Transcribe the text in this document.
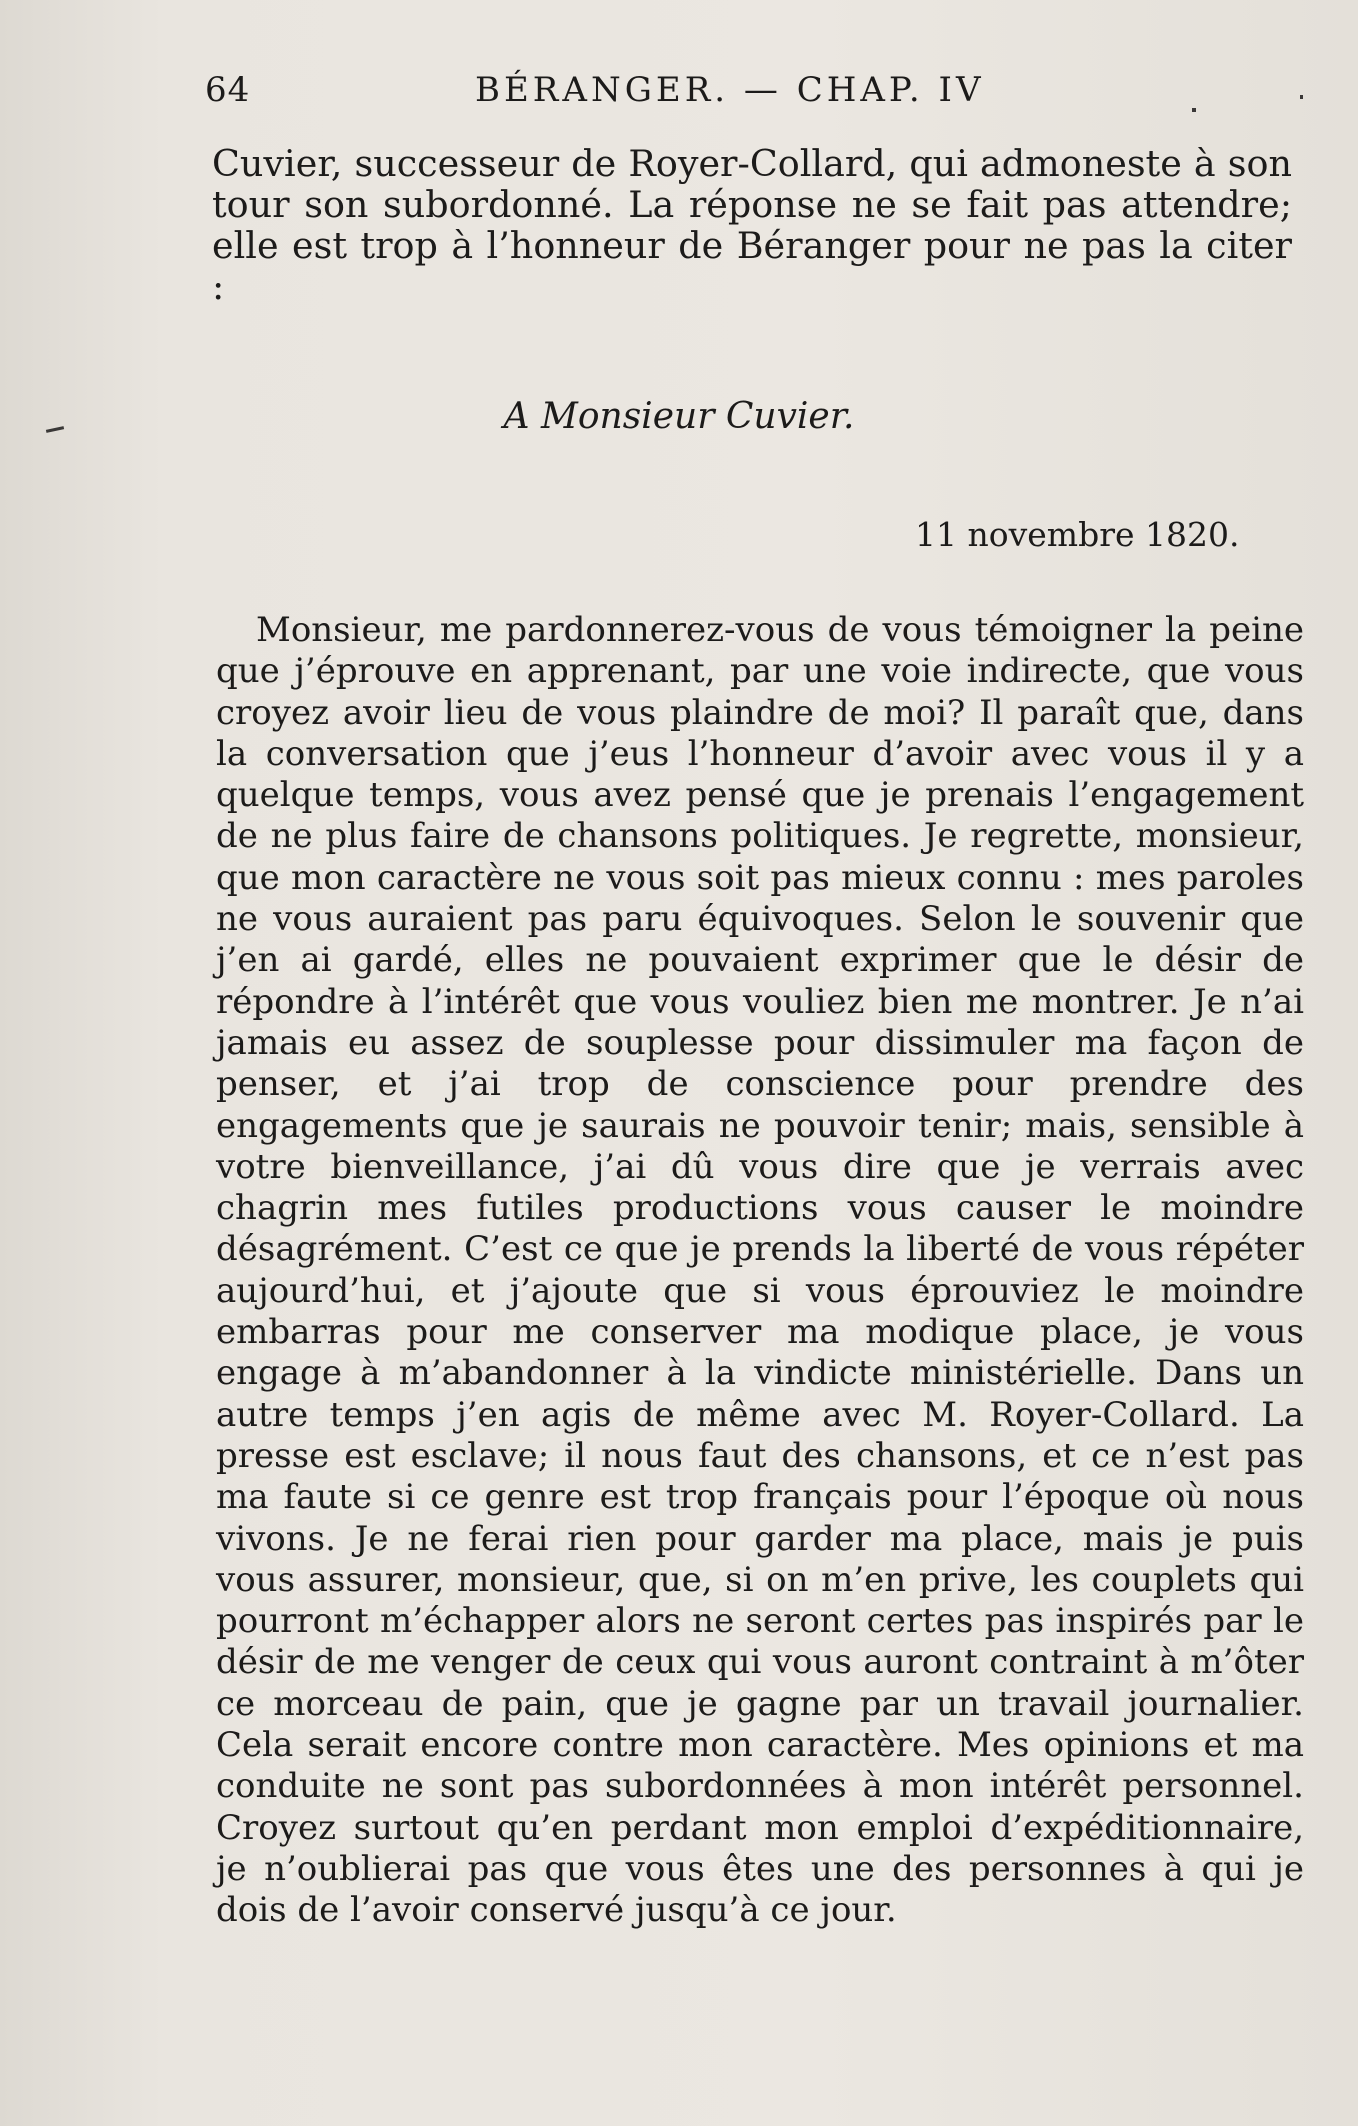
64	BÉRANGER. — CHAP. IV

Cuvier, successeur de Royer-Collard, qui admoneste à son tour son subordonné. La réponse ne se fait pas attendre; elle est trop à l’honneur de Béranger pour ne pas la citer :

A Monsieur Cuvier.

11 novembre 1820.

Monsieur, me pardonnerez-vous de vous témoigner la peine que j’éprouve en apprenant, par une voie indirecte, que vous croyez avoir lieu de vous plaindre de moi? Il paraît que, dans la conversation que j’eus l’honneur d’avoir avec vous il y a quelque temps, vous avez pensé que je prenais l’engagement de ne plus faire de chansons politiques. Je regrette, monsieur, que mon caractère ne vous soit pas mieux connu : mes paroles ne vous auraient pas paru équivoques. Selon le souvenir que j’en ai gardé, elles ne pouvaient exprimer que le désir de répondre à l’intérêt que vous vouliez bien me montrer. Je n’ai jamais eu assez de souplesse pour dissimuler ma façon de penser, et j’ai trop de conscience pour prendre des engagements que je saurais ne pouvoir tenir; mais, sensible à votre bienveillance, j’ai dû vous dire que je verrais avec chagrin mes futiles productions vous causer le moindre désagrément. C’est ce que je prends la liberté de vous répéter aujourd’hui, et j’ajoute que si vous éprouviez le moindre embarras pour me conserver ma modique place, je vous engage à m’abandonner à la vindicte ministérielle. Dans un autre temps j’en agis de même avec M. Royer-Collard. La presse est esclave; il nous faut des chansons, et ce n’est pas ma faute si ce genre est trop français pour l’époque où nous vivons. Je ne ferai rien pour garder ma place, mais je puis vous assurer, monsieur, que, si on m’en prive, les couplets qui pourront m’échapper alors ne seront certes pas inspirés par le désir de me venger de ceux qui vous auront contraint à m’ôter ce morceau de pain, que je gagne par un travail journalier. Cela serait encore contre mon caractère. Mes opinions et ma conduite ne sont pas subordonnées à mon intérêt personnel. Croyez surtout qu’en perdant mon emploi d’expéditionnaire, je n’oublierai pas que vous êtes une des personnes à qui je dois de l’avoir conservé jusqu’à ce jour.
